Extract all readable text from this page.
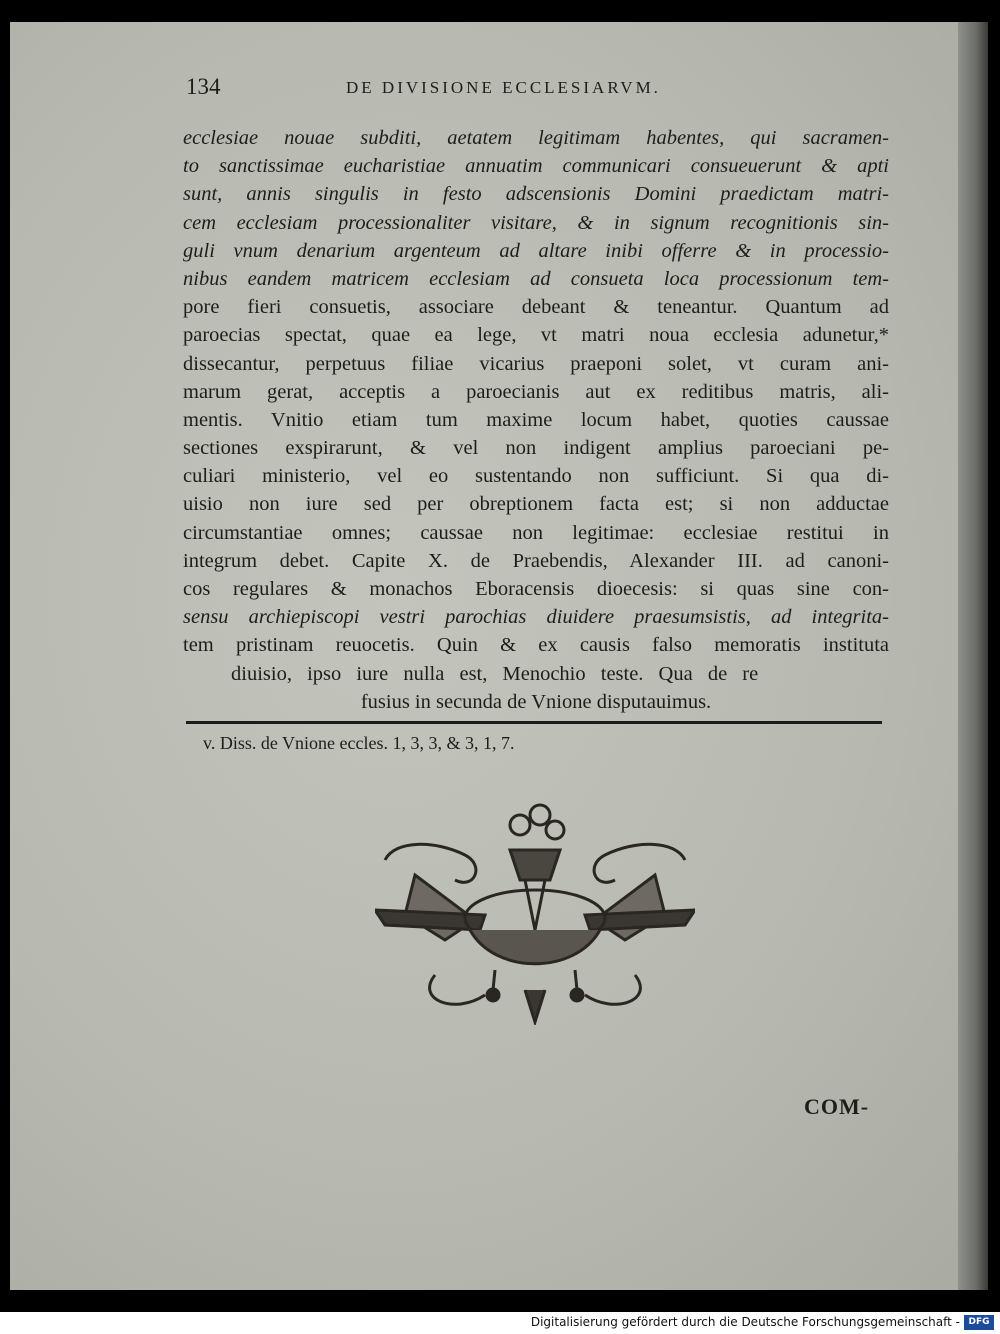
134	DE DIVISIONE ECCLESIARVM.
ecclesiae nouae subditi, aetatem legitimam habentes, qui sacramen-
to sanctissimae eucharistiae annuatim communicari consueuerunt & apti
sunt, annis singulis in festo adscensionis Domini praedictam matri-
cem ecclesiam processionaliter visitare, & in signum recognitionis sin-
guli vnum denarium argenteum ad altare inibi offerre & in processio-
nibus eandem matricem ecclesiam ad consueta loca processionum tem-
pore fieri consuetis, associare debeant & teneantur. Quantum ad
paroecias spectat, quae ea lege, vt matri noua ecclesia adunetur,*
dissecantur, perpetuus filiae vicarius praeponi solet, vt curam ani-
marum gerat, acceptis a paroecianis aut ex reditibus matris, ali-
mentis. Vnitio etiam tum maxime locum habet, quoties caussae
sectiones exspirarunt, & vel non indigent amplius paroeciani pe-
culiari ministerio, vel eo sustentando non sufficiunt. Si qua di-
uisio non iure sed per obreptionem facta est; si non adductae
circumstantiae omnes; caussae non legitimae: ecclesiae restitui in
integrum debet. Capite X. de Praebendis, Alexander III. ad canoni-
cos regulares & monachos Eboracensis dioecesis: si quas sine con-
sensu archiepiscopi vestri parochias diuidere praesumsistis, ad integrita-
tem pristinam reuocetis. Quin & ex causis falso memoratis instituta
diuisio, ipso iure nulla est, Menochio teste. Qua de re
fusius in secunda de Vnione disputauimus.
v. Diss. de Vnione eccles. 1, 3, 3, & 3, 1, 7.
COM-
Digitalisierung gefördert durch die Deutsche Forschungsgemeinschaft - DFG
